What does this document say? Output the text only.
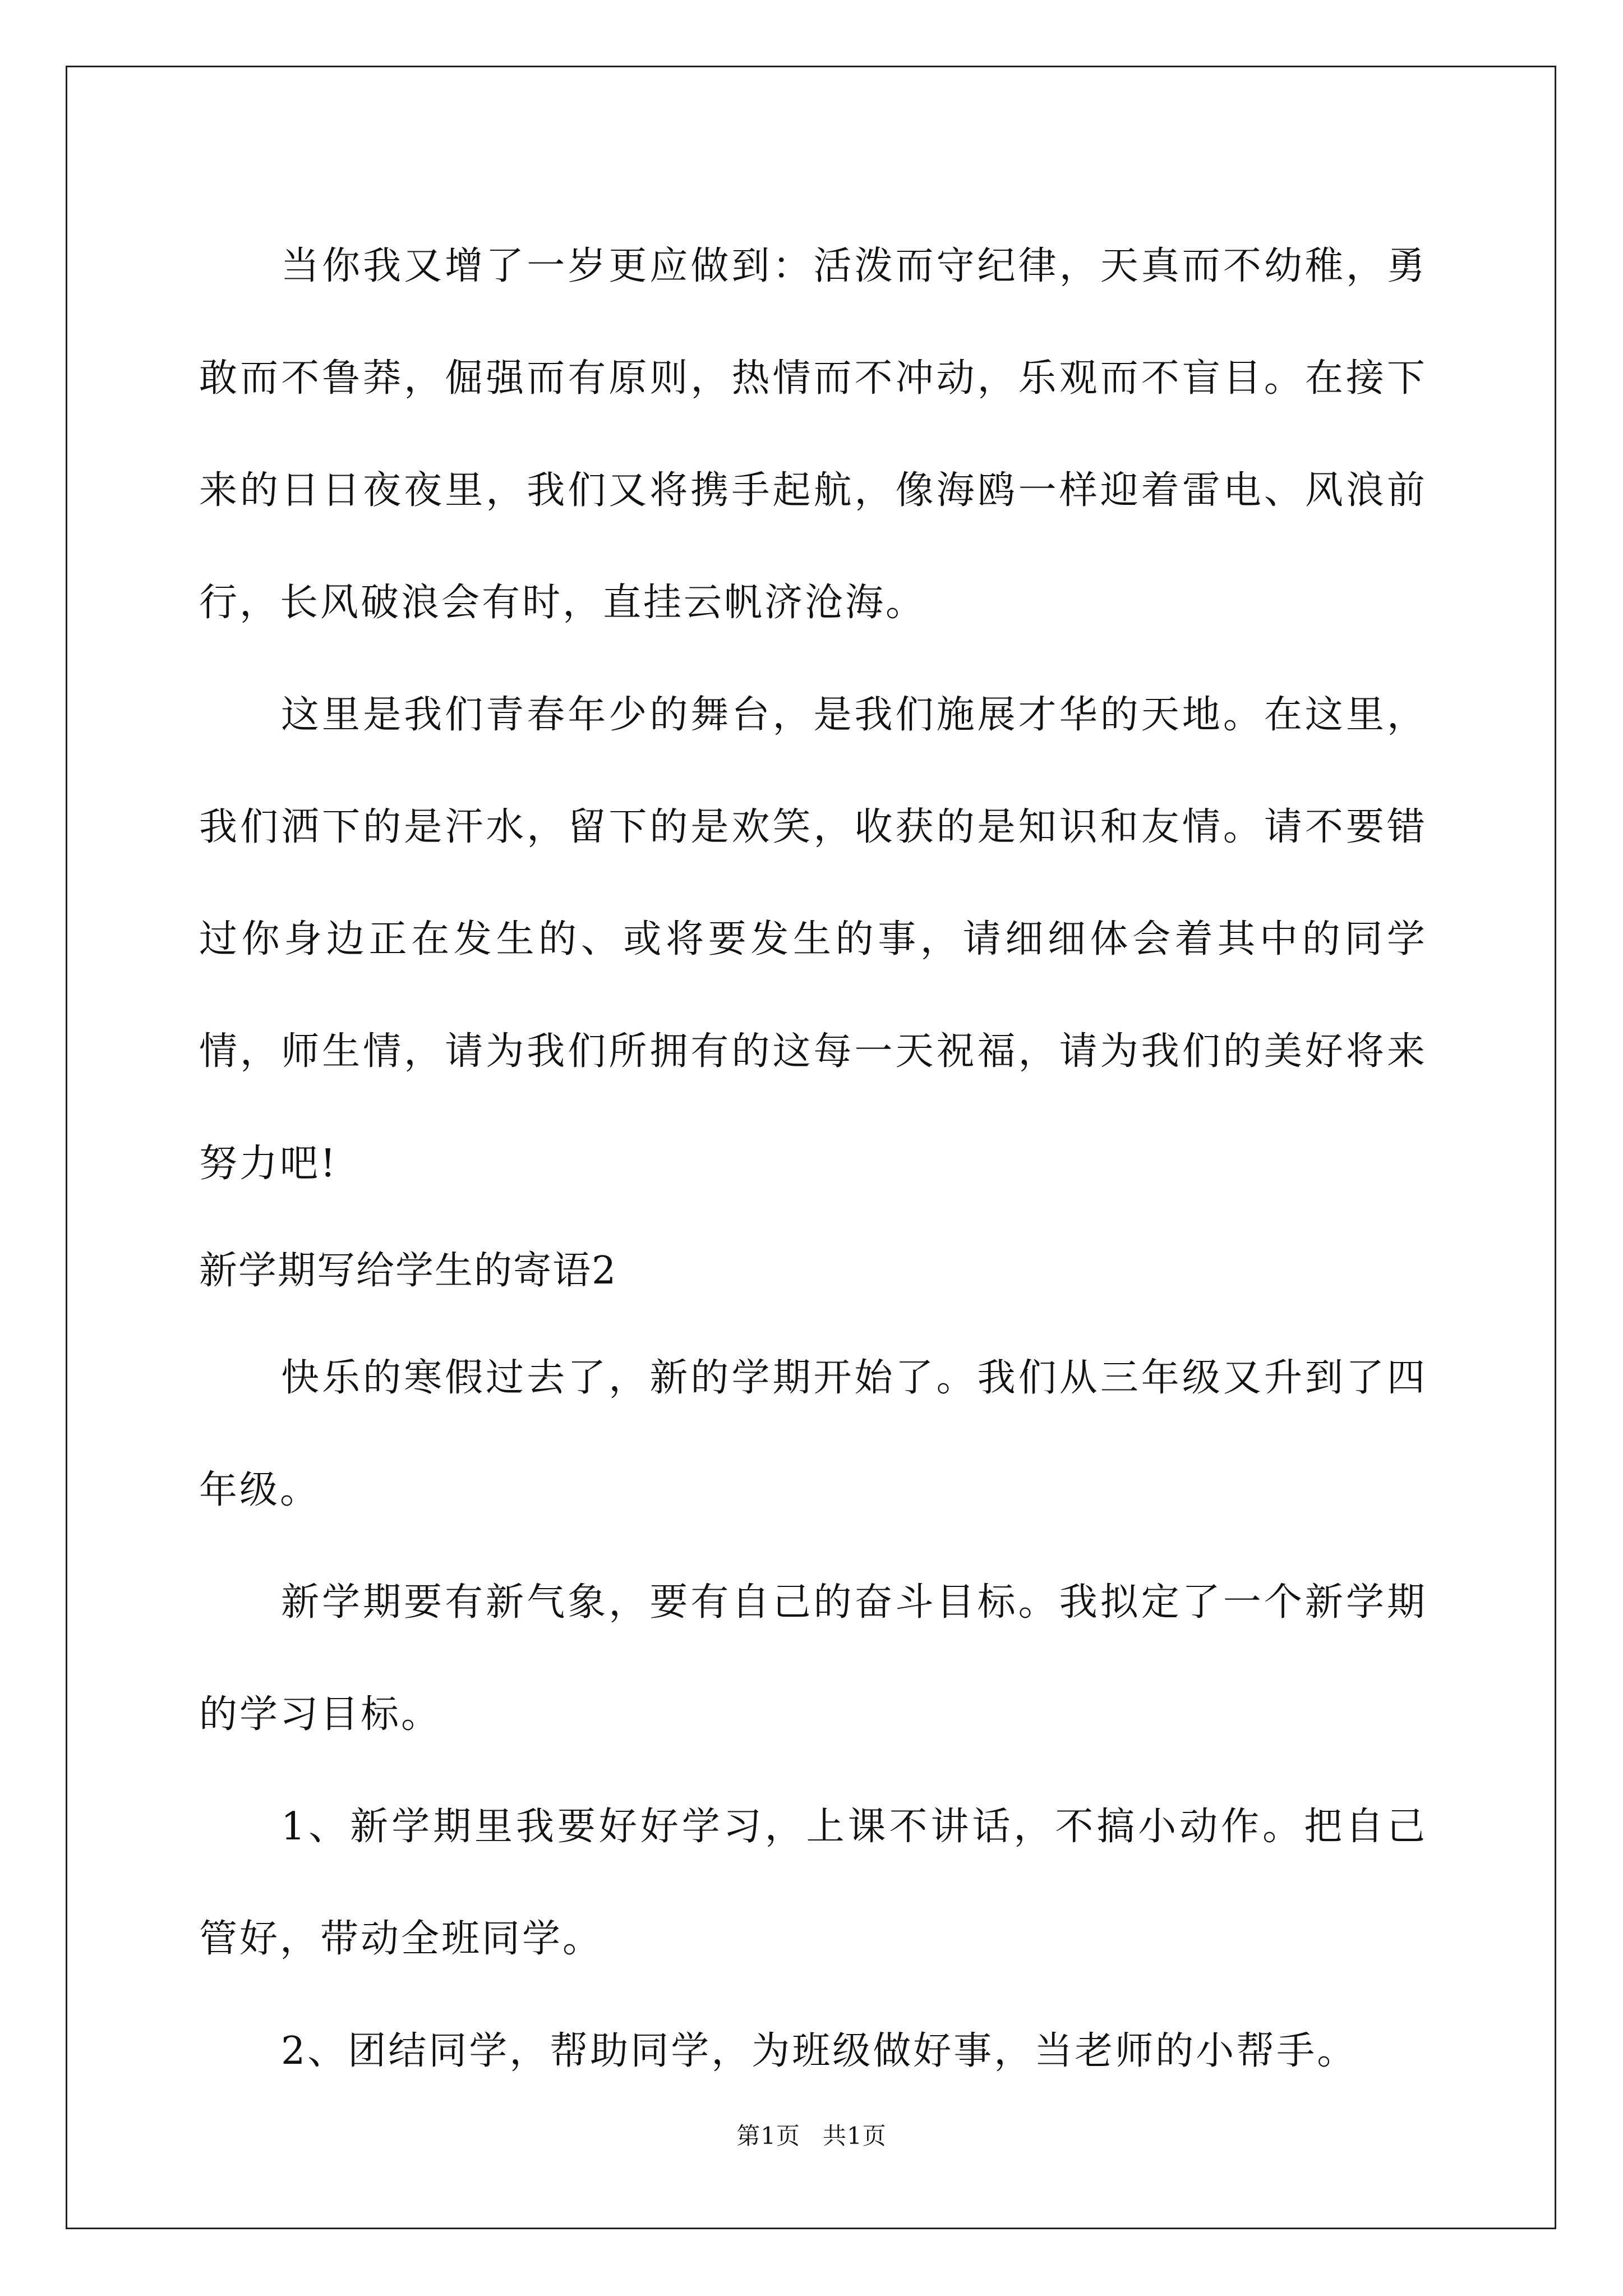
当你我又增了一岁更应做到：活泼而守纪律，天真而不幼稚，勇敢而不鲁莽，倔强而有原则，热情而不冲动，乐观而不盲目。在接下来的日日夜夜里，我们又将携手起航，像海鸥一样迎着雷电、风浪前行，长风破浪会有时，直挂云帆济沧海。

这里是我们青春年少的舞台，是我们施展才华的天地。在这里，我们洒下的是汗水，留下的是欢笑，收获的是知识和友情。请不要错过你身边正在发生的、或将要发生的事，请细细体会着其中的同学情，师生情，请为我们所拥有的这每一天祝福，请为我们的美好将来努力吧!

新学期写给学生的寄语2

快乐的寒假过去了，新的学期开始了。我们从三年级又升到了四年级。

新学期要有新气象，要有自己的奋斗目标。我拟定了一个新学期的学习目标。

1、新学期里我要好好学习，上课不讲话，不搞小动作。把自己管好，带动全班同学。

2、团结同学，帮助同学，为班级做好事，当老师的小帮手。

第1页 共1页
